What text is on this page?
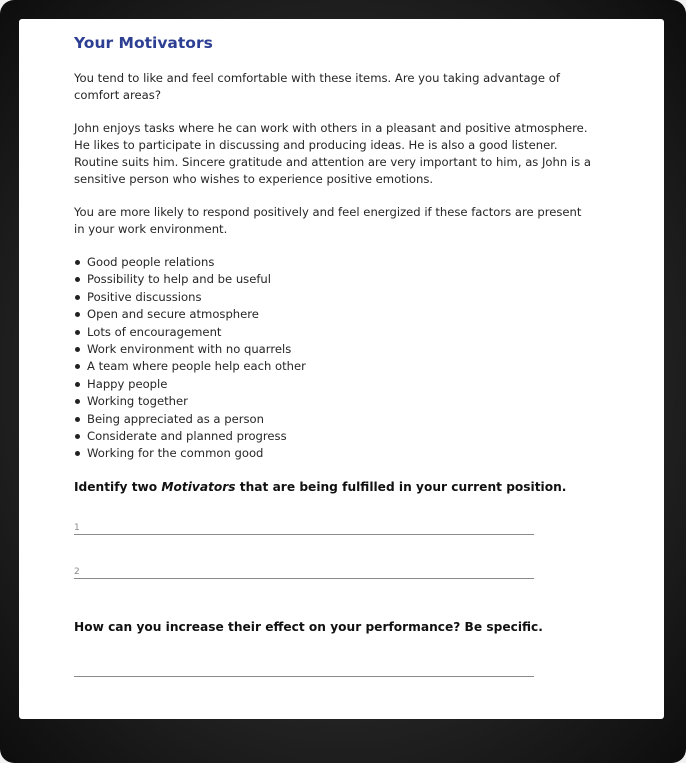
Your Motivators

You tend to like and feel comfortable with these items. Are you taking advantage of comfort areas?

John enjoys tasks where he can work with others in a pleasant and positive atmosphere. He likes to participate in discussing and producing ideas. He is also a good listener. Routine suits him. Sincere gratitude and attention are very important to him, as John is a sensitive person who wishes to experience positive emotions.

You are more likely to respond positively and feel energized if these factors are present in your work environment.

Good people relations
Possibility to help and be useful
Positive discussions
Open and secure atmosphere
Lots of encouragement
Work environment with no quarrels
A team where people help each other
Happy people
Working together
Being appreciated as a person
Considerate and planned progress
Working for the common good

Identify two Motivators that are being fulfilled in your current position.

1
2

How can you increase their effect on your performance? Be specific.
